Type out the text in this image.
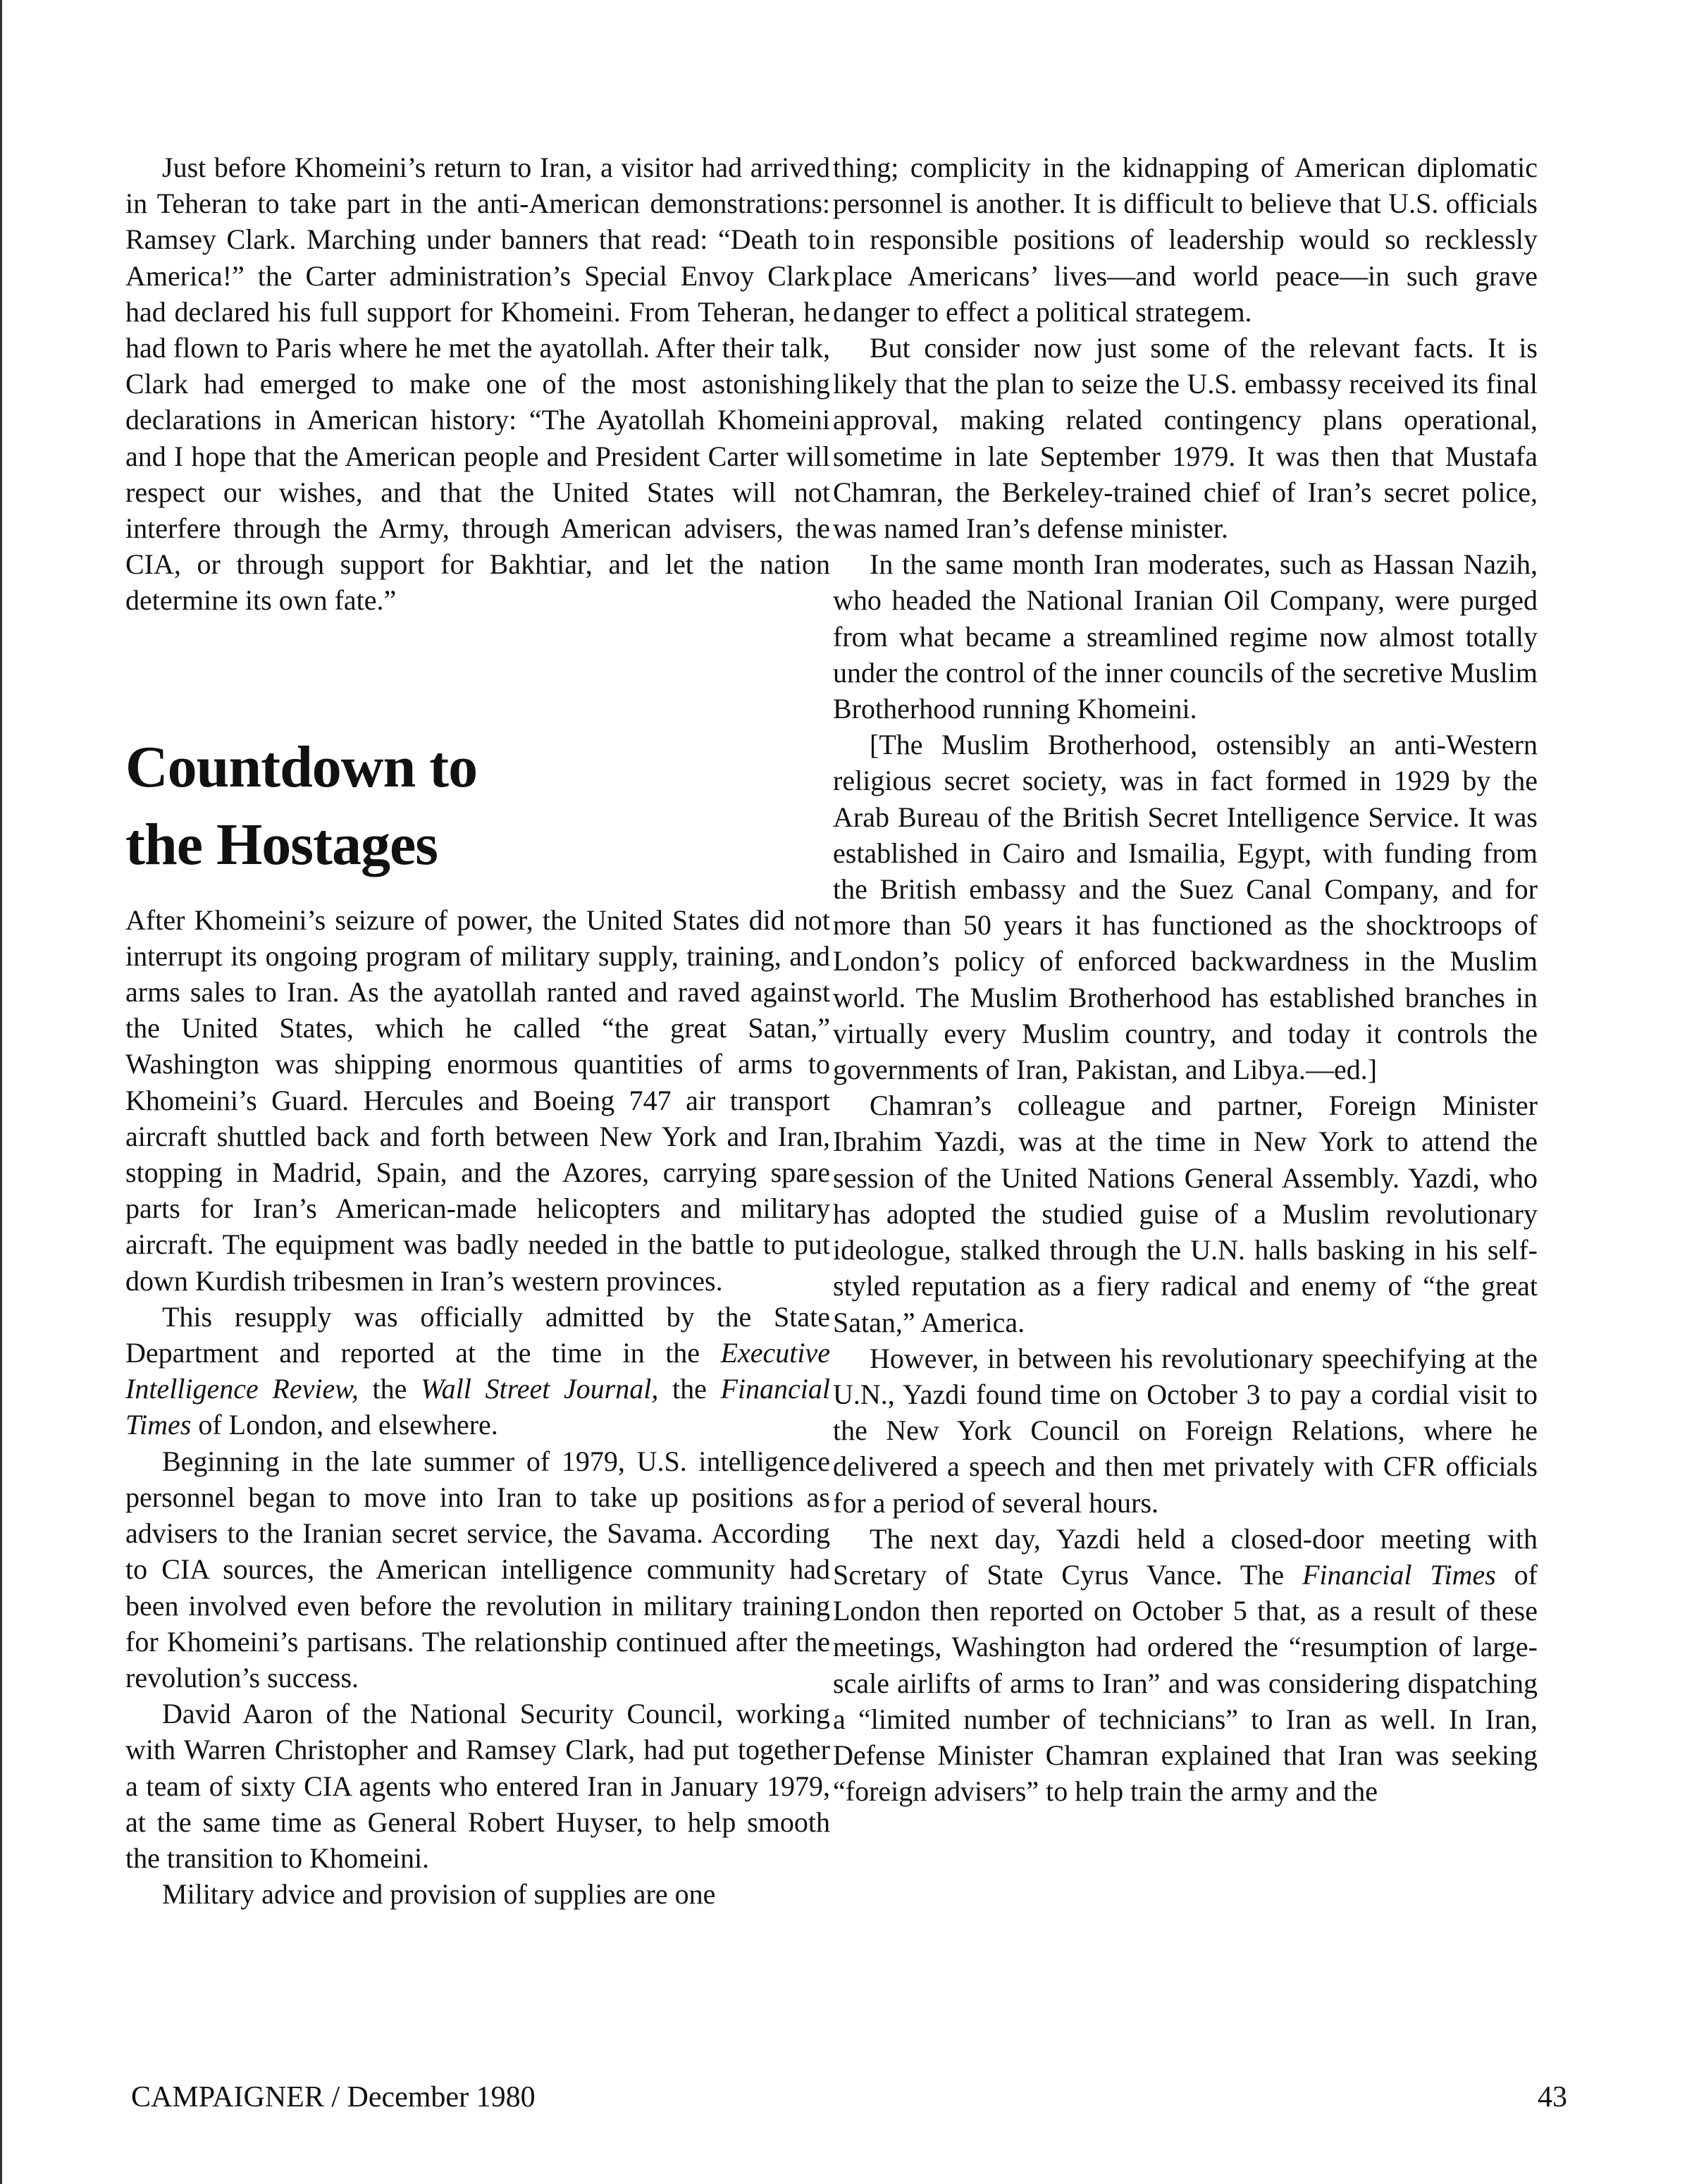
Just before Khomeini’s return to Iran, a visitor had arrived in Teheran to take part in the anti-American demonstrations: Ramsey Clark. Marching under banners that read: “Death to America!” the Carter administration’s Special Envoy Clark had declared his full support for Khomeini. From Teheran, he had flown to Paris where he met the ayatollah. After their talk, Clark had emerged to make one of the most astonishing declarations in American history: “The Ayatollah Khomeini and I hope that the American people and President Carter will respect our wishes, and that the United States will not interfere through the Army, through American advisers, the CIA, or through support for Bakhtiar, and let the nation determine its own fate.”

Countdown to
the Hostages

After Khomeini’s seizure of power, the United States did not interrupt its ongoing program of military supply, training, and arms sales to Iran. As the ayatollah ranted and raved against the United States, which he called “the great Satan,” Washington was shipping enormous quantities of arms to Khomeini’s Guard. Hercules and Boeing 747 air transport aircraft shuttled back and forth between New York and Iran, stopping in Madrid, Spain, and the Azores, carrying spare parts for Iran’s American-made helicopters and military aircraft. The equipment was badly needed in the battle to put down Kurdish tribesmen in Iran’s western provinces.

This resupply was officially admitted by the State Department and reported at the time in the Executive Intelligence Review, the Wall Street Journal, the Financial Times of London, and elsewhere.

Beginning in the late summer of 1979, U.S. intelligence personnel began to move into Iran to take up positions as advisers to the Iranian secret service, the Savama. According to CIA sources, the American intelligence community had been involved even before the revolution in military training for Khomeini’s partisans. The relationship continued after the revolution’s success.

David Aaron of the National Security Council, working with Warren Christopher and Ramsey Clark, had put together a team of sixty CIA agents who entered Iran in January 1979, at the same time as General Robert Huyser, to help smooth the transition to Khomeini.

Military advice and provision of supplies are one

thing; complicity in the kidnapping of American diplomatic personnel is another. It is difficult to believe that U.S. officials in responsible positions of leadership would so recklessly place Americans’ lives—and world peace—in such grave danger to effect a political strategem.

But consider now just some of the relevant facts. It is likely that the plan to seize the U.S. embassy received its final approval, making related contingency plans operational, sometime in late September 1979. It was then that Mustafa Chamran, the Berkeley-trained chief of Iran’s secret police, was named Iran’s defense minister.

In the same month Iran moderates, such as Hassan Nazih, who headed the National Iranian Oil Company, were purged from what became a streamlined regime now almost totally under the control of the inner councils of the secretive Muslim Brotherhood running Khomeini.

[The Muslim Brotherhood, ostensibly an anti-Western religious secret society, was in fact formed in 1929 by the Arab Bureau of the British Secret Intelligence Service. It was established in Cairo and Ismailia, Egypt, with funding from the British embassy and the Suez Canal Company, and for more than 50 years it has functioned as the shocktroops of London’s policy of enforced backwardness in the Muslim world. The Muslim Brotherhood has established branches in virtually every Muslim country, and today it controls the governments of Iran, Pakistan, and Libya.—ed.]

Chamran’s colleague and partner, Foreign Minister Ibrahim Yazdi, was at the time in New York to attend the session of the United Nations General Assembly. Yazdi, who has adopted the studied guise of a Muslim revolutionary ideologue, stalked through the U.N. halls basking in his self-styled reputation as a fiery radical and enemy of “the great Satan,” America.

However, in between his revolutionary speechifying at the U.N., Yazdi found time on October 3 to pay a cordial visit to the New York Council on Foreign Relations, where he delivered a speech and then met privately with CFR officials for a period of several hours.

The next day, Yazdi held a closed-door meeting with Scretary of State Cyrus Vance. The Financial Times of London then reported on October 5 that, as a result of these meetings, Washington had ordered the “resumption of large-scale airlifts of arms to Iran” and was considering dispatching a “limited number of technicians” to Iran as well. In Iran, Defense Minister Chamran explained that Iran was seeking “foreign advisers” to help train the army and the

CAMPAIGNER / December 1980	43
